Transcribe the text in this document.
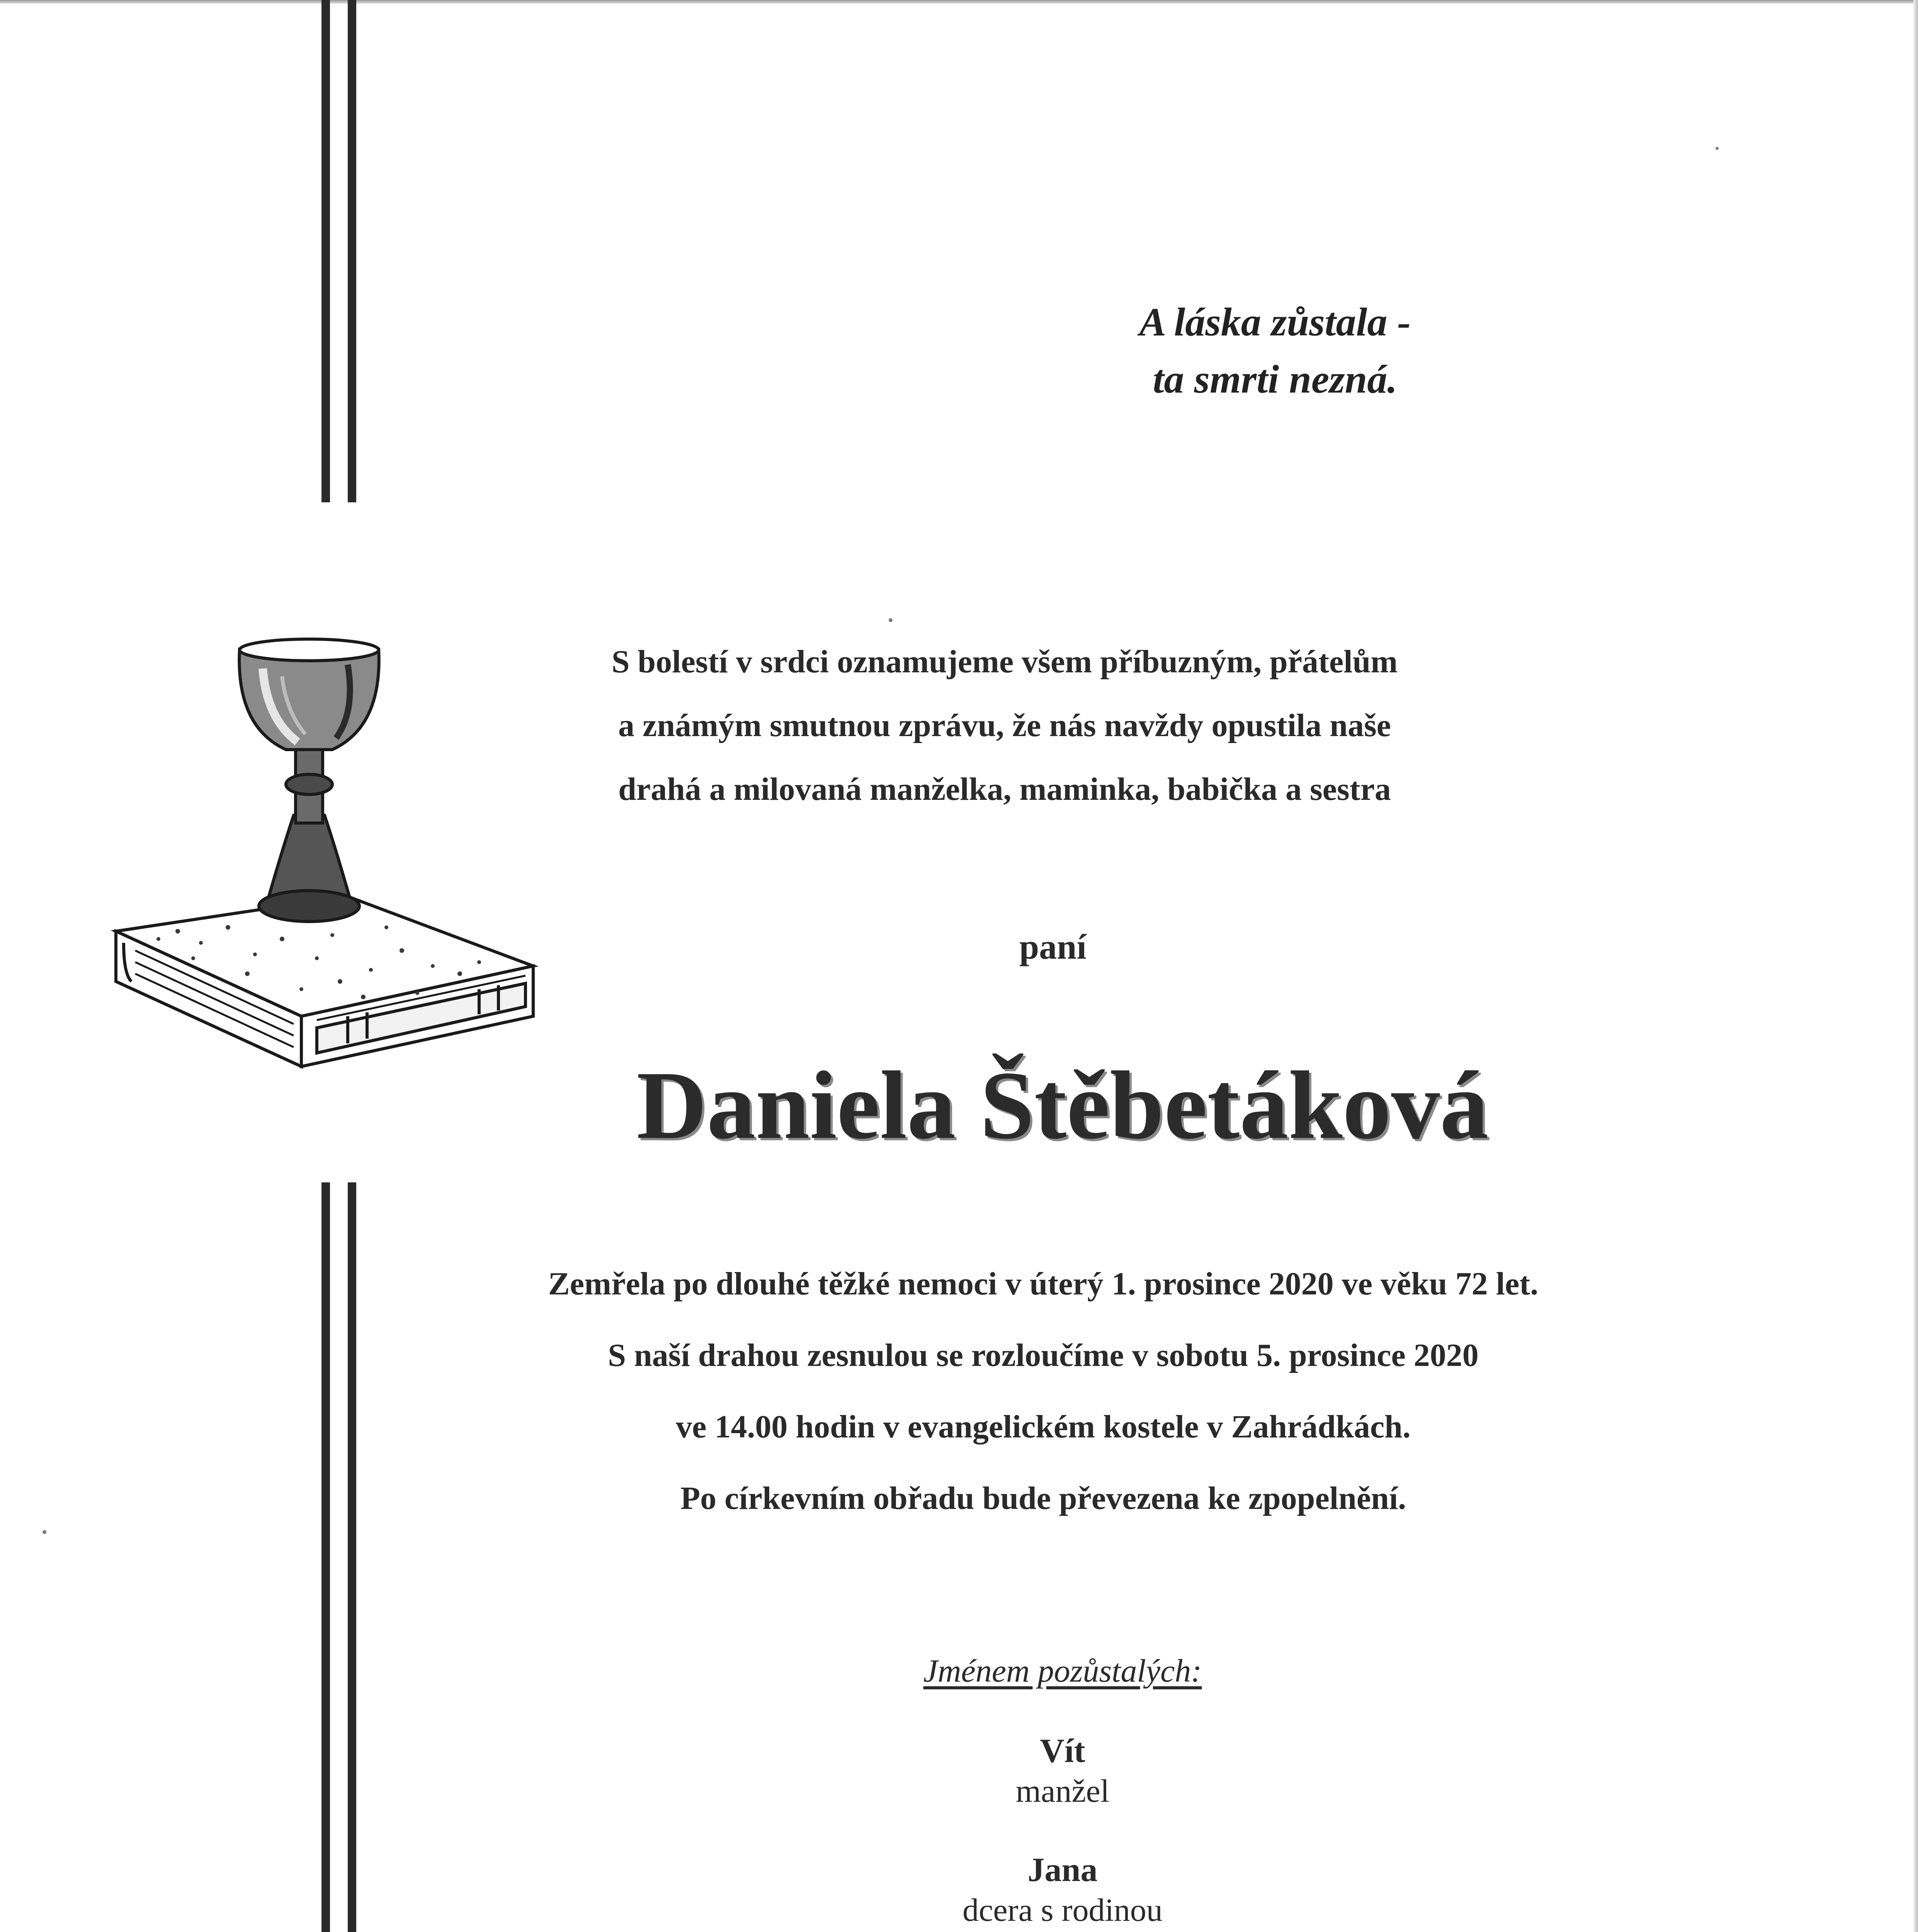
A láska zůstala -
ta smrti nezná.
S bolestí v srdci oznamujeme všem příbuzným, přátelům
a známým smutnou zprávu, že nás navždy opustila naše
drahá a milovaná manželka, maminka, babička a sestra
paní
Daniela Štěbetáková
Zemřela po dlouhé těžké nemoci v úterý 1. prosince 2020 ve věku 72 let.
S naší drahou zesnulou se rozloučíme v sobotu 5. prosince 2020
ve 14.00 hodin v evangelickém kostele v Zahrádkách.
Po církevním obřadu bude převezena ke zpopelnění.
Jménem pozůstalých:
Vít
manžel
Jana
dcera s rodinou
